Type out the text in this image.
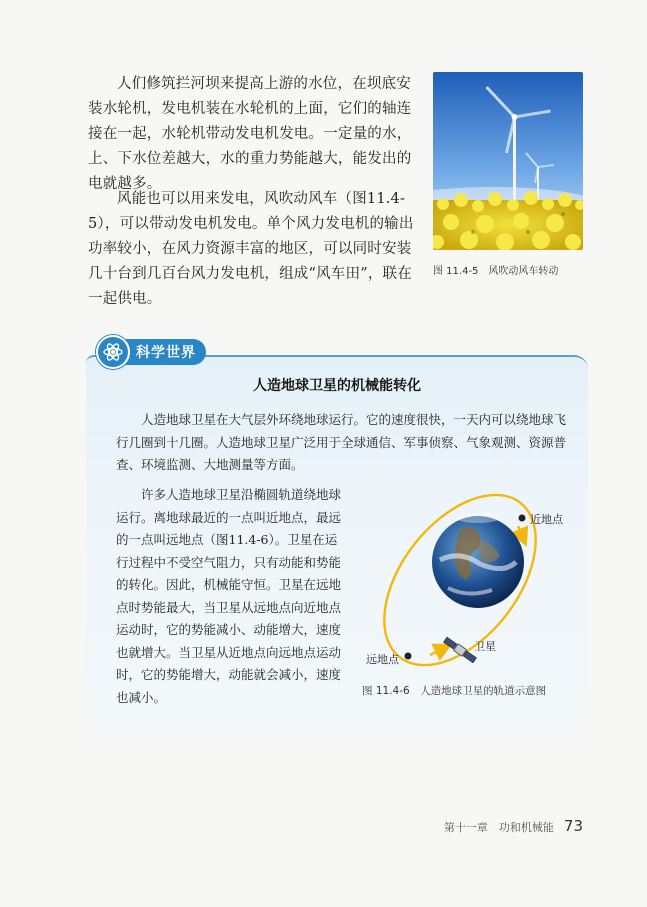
人们修筑拦河坝来提高上游的水位，在坝底安装水轮机，发电机装在水轮机的上面，它们的轴连接在一起，水轮机带动发电机发电。一定量的水，上、下水位差越大，水的重力势能越大，能发出的电就越多。

风能也可以用来发电，风吹动风车（图11.4-5），可以带动发电机发电。单个风力发电机的输出功率较小，在风力资源丰富的地区，可以同时安装几十台到几百台风力发电机，组成“风车田”，联在一起供电。

图 11.4-5　风吹动风车转动
科学世界
人造地球卫星的机械能转化

人造地球卫星在大气层外环绕地球运行。它的速度很快，一天内可以绕地球飞行几圈到十几圈。人造地球卫星广泛用于全球通信、军事侦察、气象观测、资源普查、环境监测、大地测量等方面。

许多人造地球卫星沿椭圆轨道绕地球运行。离地球最近的一点叫近地点，最远的一点叫远地点（图11.4-6）。卫星在运行过程中不受空气阻力，只有动能和势能的转化。因此，机械能守恒。卫星在远地点时势能最大，当卫星从远地点向近地点运动时，它的势能减小、动能增大，速度也就增大。当卫星从近地点向远地点运动时，它的势能增大，动能就会减小，速度也减小。

近地点
远地点
卫星
图 11.4-6　人造地球卫星的轨道示意图
第十一章　功和机械能 73
